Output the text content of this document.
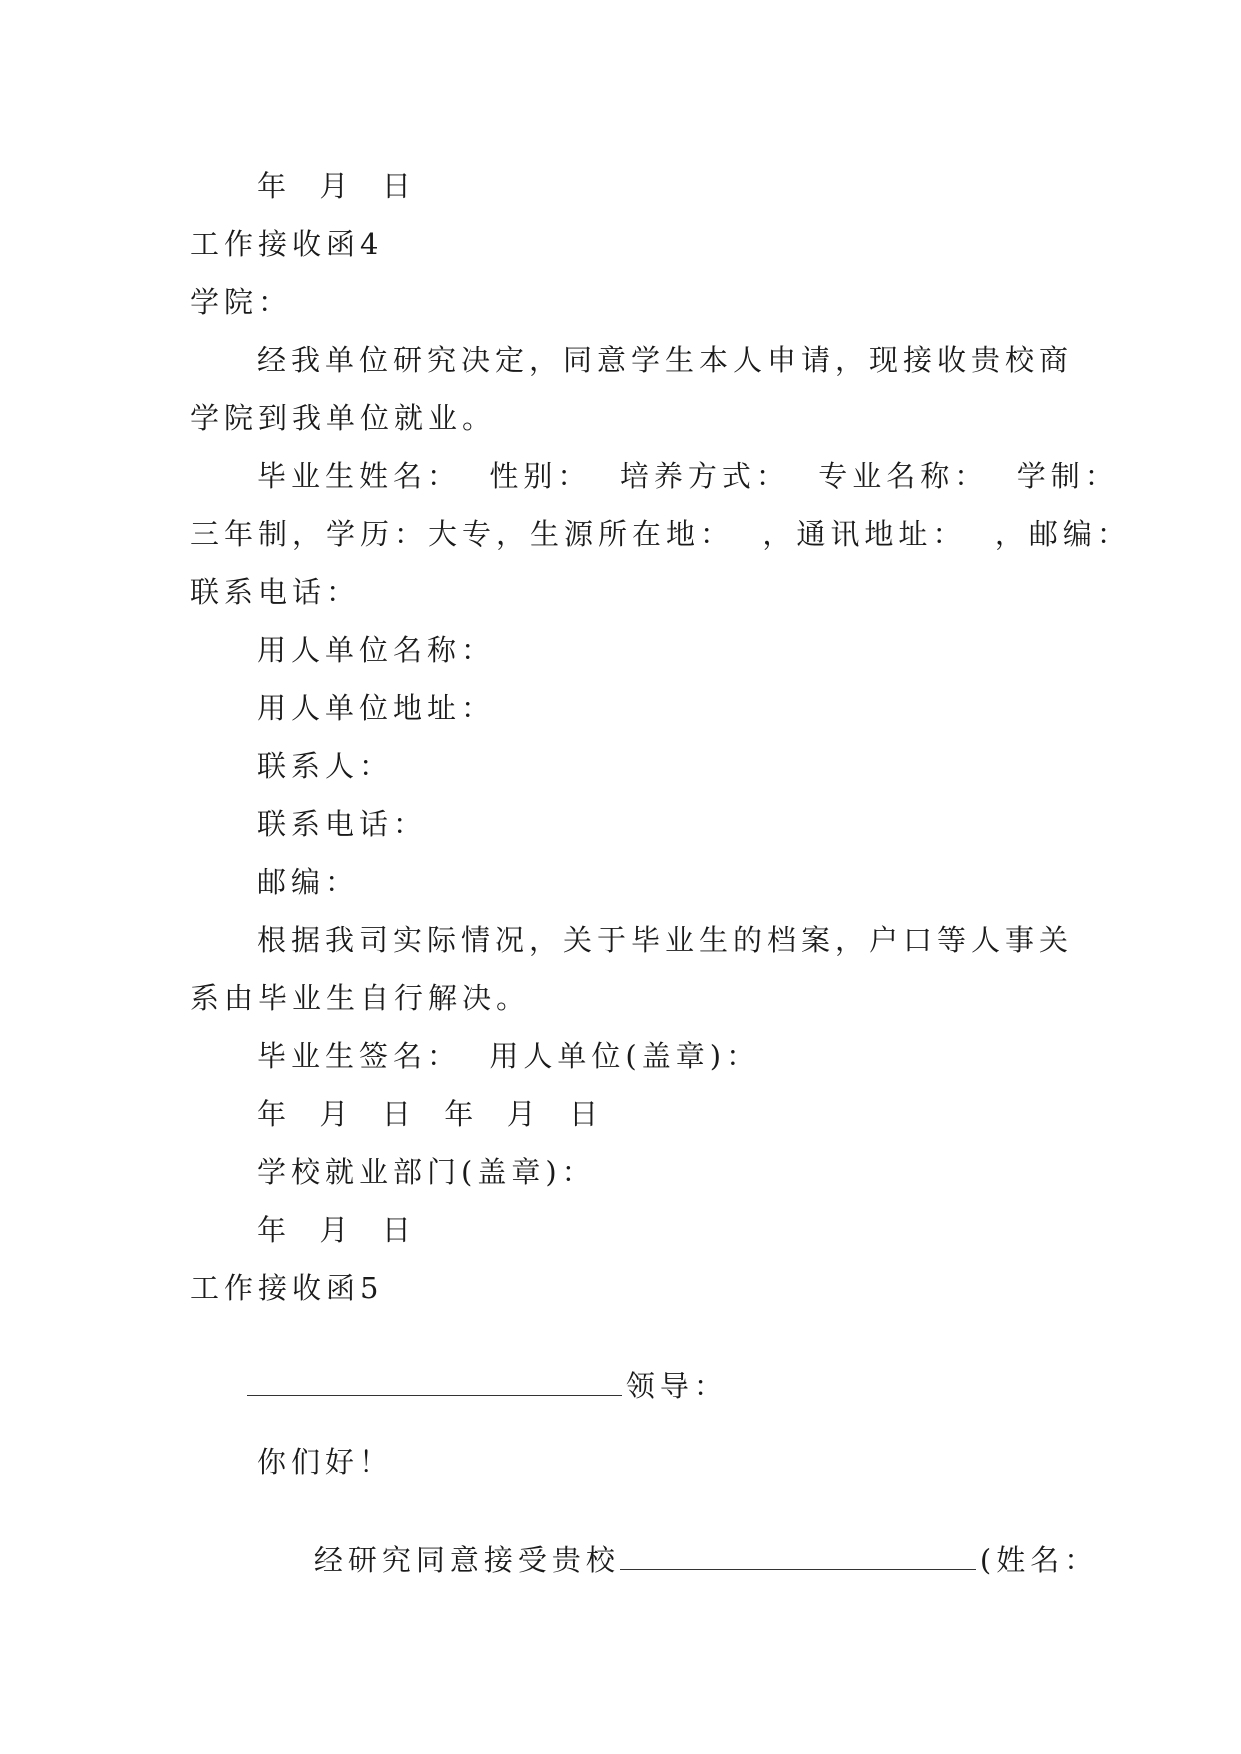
年  月  日
工作接收函4
学院：
经我单位研究决定，同意学生本人申请，现接收贵校商
学院到我单位就业。
毕业生姓名：  性别：  培养方式：  专业名称：  学制：
三年制，学历：大专，生源所在地：  ，通讯地址：  ，邮编：
联系电话：
用人单位名称：
用人单位地址：
联系人：
联系电话：
邮编：
根据我司实际情况，关于毕业生的档案，户口等人事关
系由毕业生自行解决。
毕业生签名：  用人单位(盖章)：
年  月  日  年  月  日
学校就业部门(盖章)：
年  月  日
工作接收函5

领导：

你们好！

经研究同意接受贵校	(姓名：
